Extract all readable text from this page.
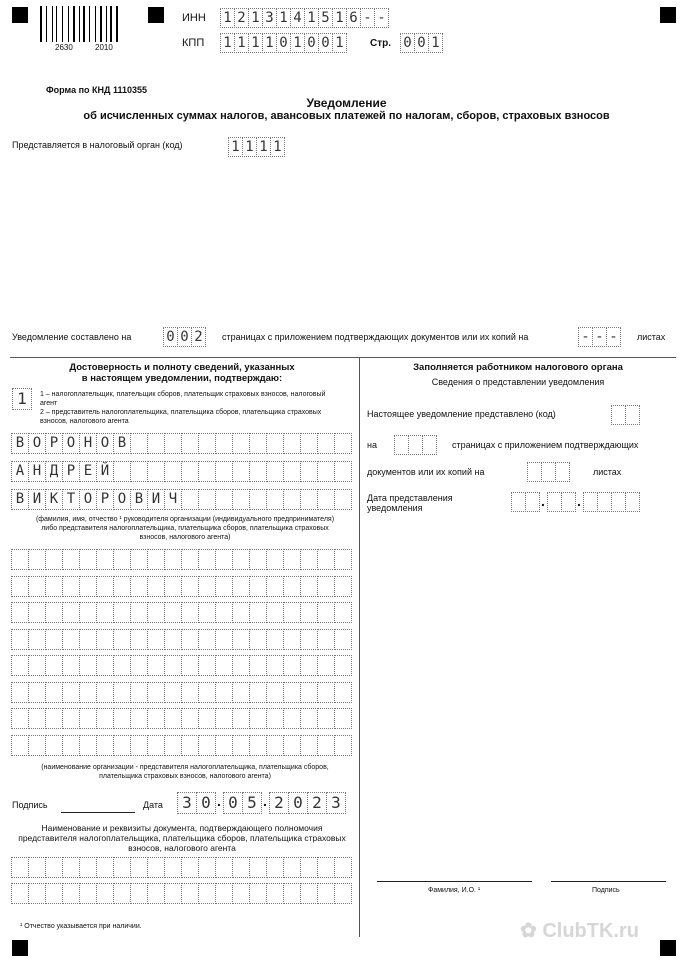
2630	2010
ИНН 1 2 1 3 1 4 1 5 1 6 - -
КПП 1 1 1 1 0 1 0 0 1	Стр. 0 0 1
Форма по КНД 1110355
Уведомление
об исчисленных суммах налогов, авансовых платежей по налогам, сборов, страховых взносов
Представляется в налоговый орган (код)	1 1 1 1
Уведомление составлено на 0 0 2	страницах с приложением подтверждающих документов или их копий на	- - -	листах
Достоверность и полноту сведений, указанных
в настоящем уведомлении, подтверждаю:
1	1 – налогоплательщик, плательщик сборов, плательщик страховых взносов, налоговый агент
2 – представитель налогоплательщика, плательщика сборов, плательщика страховых взносов, налогового агента
В О Р О Н О В
А Н Д Р Е Й
В И К Т О Р О В И Ч
(фамилия, имя, отчество ¹ руководителя организации (индивидуального предпринимателя) либо представителя налогоплательщика, плательщика сборов, плательщика страховых взносов, налогового агента)
(наименование организации - представителя налогоплательщика, плательщика сборов, плательщика страховых взносов, налогового агента)
Подпись	Дата	3 0 . 0 5 . 2 0 2 3
Наименование и реквизиты документа, подтверждающего полномочия представителя налогоплательщика, плательщика сборов, плательщика страховых взносов, налогового агента
¹ Отчество указывается при наличии.
Заполняется работником налогового органа
Сведения о представлении уведомления
Настоящее уведомление представлено (код)
на	страницах с приложением подтверждающих
документов или их копий на	листах
Дата представления уведомления	. .
Фамилия, И.О. ¹	Подпись
✿ ClubTK.ru
